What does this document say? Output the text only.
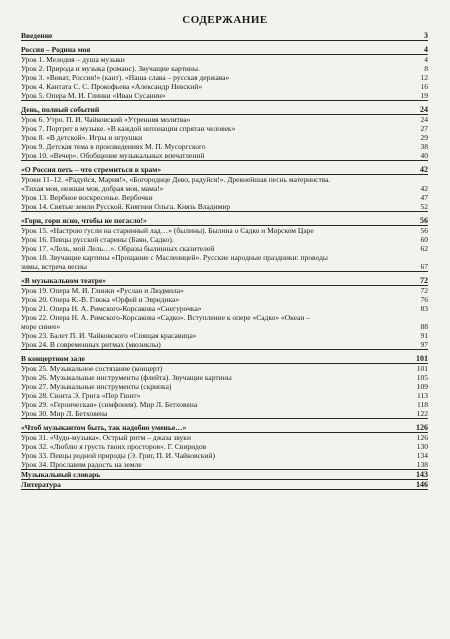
СОДЕРЖАНИЕ
Введение	3
Россия – Родина моя	4
Урок 1. Мелодия – душа музыки	4
Урок 2. Природа и музыка (романс). Звучащие картины.	8
Урок 3. «Виват, Россия!» (кант). «Наша слава – русская держава»	12
Урок 4. Кантата С. С. Прокофьева «Александр Невский»	16
Урок 5. Опера М. И. Глинки «Иван Сусанин»	19
День, полный событий	24
Урок 6. Утро. П. И. Чайковский «Утренняя молитва»	24
Урок 7. Портрет в музыке. «В каждой интонации спрятан человек»	27
Урок 8. «В детской». Игры и игрушки	29
Урок 9. Детская тема в произведениях М. П. Мусоргского	38
Урок 10. «Вечер». Обобщение музыкальных впечатлений	40
«О Россия петь – что стремиться в храм»	42
Уроки 11–12. «Радуйся, Мария!», «Богородице Дево, радуйся!». Древнейшая песнь материнства.
«Тихая моя, нежная моя, добрая моя, мама!»	42
Урок 13. Вербное воскресенье. Вербочки	47
Урок 14. Святые земли Русской. Княгиня Ольга. Князь Владимир	52
«Гори, гори ясно, чтобы не погасло!»	56
Урок 15. «Настрою гусли на старинный лад…» (былины). Былина о Садко и Морском Царе	56
Урок 16. Певцы русской старины (Баян, Садко).	60
Урок 17. «Лель, мой Лель…». Образы былинных сказителей	62
Урок 18. Звучащие картины «Прощание с Масленицей». Русские народные праздники: проводы
зимы, встреча весны	67
«В музыкальном театре»	72
Урок 19. Опера М. И. Глинки «Руслан и Людмила»	72
Урок 20. Опера К.-В. Глюка «Орфей и Эвридика»	76
Урок 21. Опера Н. А. Римского-Корсакова «Снегурочка»	83
Урок 22. Опера Н. А. Римского-Корсакова «Садко». Вступление к опере «Садко» «Океан –
море синее»	88
Урок 23. Балет П. И. Чайковского «Спящая красавица»	91
Урок 24. В современных ритмах (мюзиклы)	97
В концертном зале	101
Урок 25. Музыкальное состязание (концерт)	101
Урок 26. Музыкальные инструменты (флейта). Звучащие картины	105
Урок 27. Музыкальные инструменты (скрипка)	109
Урок 28. Сюита Э. Грига «Пер Гюнт»	113
Урок 29. «Героическая» (симфония). Мир Л. Бетховена	118
Урок 30. Мир Л. Бетховена	122
«Чтоб музыкантом быть, так надобно уменье…»	126
Урок 31. «Чудо-музыка». Острый ритм – джаза звуки	126
Урок 32. «Люблю я грусть твоих просторов». Г. Свиридов	130
Урок 33. Певцы родной природы (Э. Григ, П. И. Чайковский)	134
Урок 34. Прославим радость на земле	138
Музыкальный словарь	143
Литература	146
